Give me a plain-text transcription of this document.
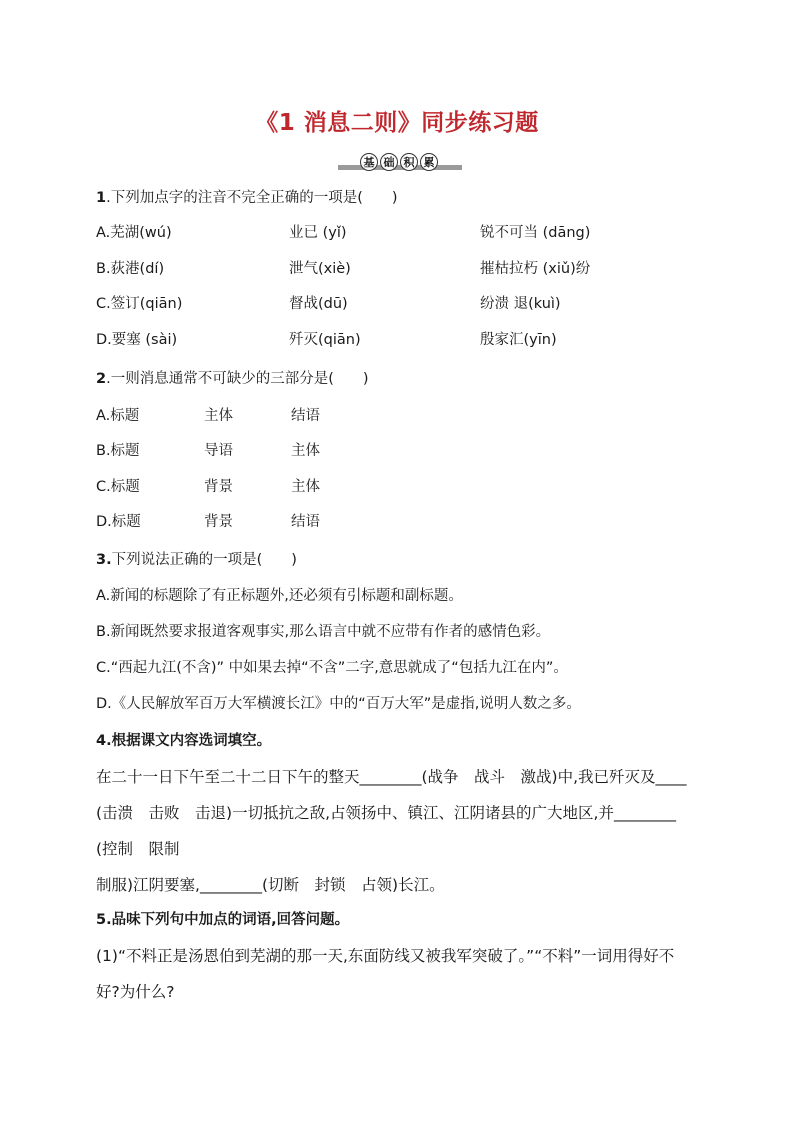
《1 消息二则》同步练习题
基 础 积 累
1.下列加点字的注音不完全正确的一项是(　　)
A.芜湖(wú)	业已 (yǐ)	锐不可当 (dāng)
B.荻港(dí)	泄气(xiè)	摧枯拉朽 (xiǔ)纷
C.签订(qiān)	督战(dū)	纷溃 退(kuì)
D.要塞 (sài)	歼灭(qiān)	殷家汇(yīn)
2.一则消息通常不可缺少的三部分是(　　)
A.标题	主体	结语
B.标题	导语	主体
C.标题	背景	主体
D.标题	背景	结语
3.下列说法正确的一项是(　　)
A.新闻的标题除了有正标题外,还必须有引标题和副标题。
B.新闻既然要求报道客观事实,那么语言中就不应带有作者的感情色彩。
C.“西起九江(不含)” 中如果去掉“不含”二字,意思就成了“包括九江在内”。
D.《人民解放军百万大军横渡长江》中的“百万大军”是虚指,说明人数之多。
4.根据课文内容选词填空。
在二十一日下午至二十二日下午的整天________(战争　战斗　激战)中,我已歼灭及____
(击溃　击败　击退)一切抵抗之敌,占领扬中、镇江、江阴诸县的广大地区,并________
(控制　限制
制服)江阴要塞,________(切断　封锁　占领)长江。
5.品味下列句中加点的词语,回答问题。
(1)“不料正是汤恩伯到芜湖的那一天,东面防线又被我军突破了。”“不料”一词用得好不
好?为什么?
